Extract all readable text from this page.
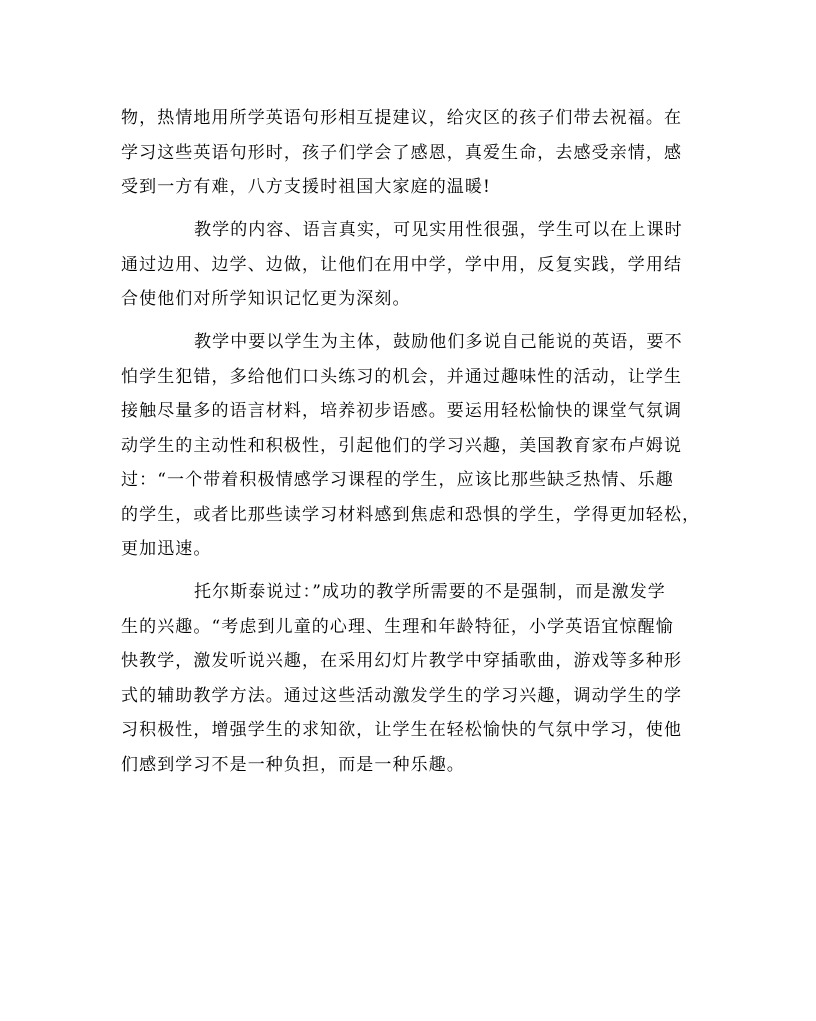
物，热情地用所学英语句形相互提建议，给灾区的孩子们带去祝福。在
学习这些英语句形时，孩子们学会了感恩，真爱生命，去感受亲情，感
受到一方有难，八方支援时祖国大家庭的温暖!
教学的内容、语言真实，可见实用性很强，学生可以在上课时
通过边用、边学、边做，让他们在用中学，学中用，反复实践，学用结
合使他们对所学知识记忆更为深刻。
教学中要以学生为主体，鼓励他们多说自己能说的英语，要不
怕学生犯错，多给他们口头练习的机会，并通过趣味性的活动，让学生
接触尽量多的语言材料，培养初步语感。要运用轻松愉快的课堂气氛调
动学生的主动性和积极性，引起他们的学习兴趣，美国教育家布卢姆说
过：“一个带着积极情感学习课程的学生，应该比那些缺乏热情、乐趣
的学生，或者比那些读学习材料感到焦虑和恐惧的学生，学得更加轻松，
更加迅速。
托尔斯泰说过：”成功的教学所需要的不是强制，而是激发学
生的兴趣。“考虑到儿童的心理、生理和年龄特征，小学英语宜惊醒愉
快教学，激发听说兴趣，在采用幻灯片教学中穿插歌曲，游戏等多种形
式的辅助教学方法。通过这些活动激发学生的学习兴趣，调动学生的学
习积极性，增强学生的求知欲，让学生在轻松愉快的气氛中学习，使他
们感到学习不是一种负担，而是一种乐趣。
